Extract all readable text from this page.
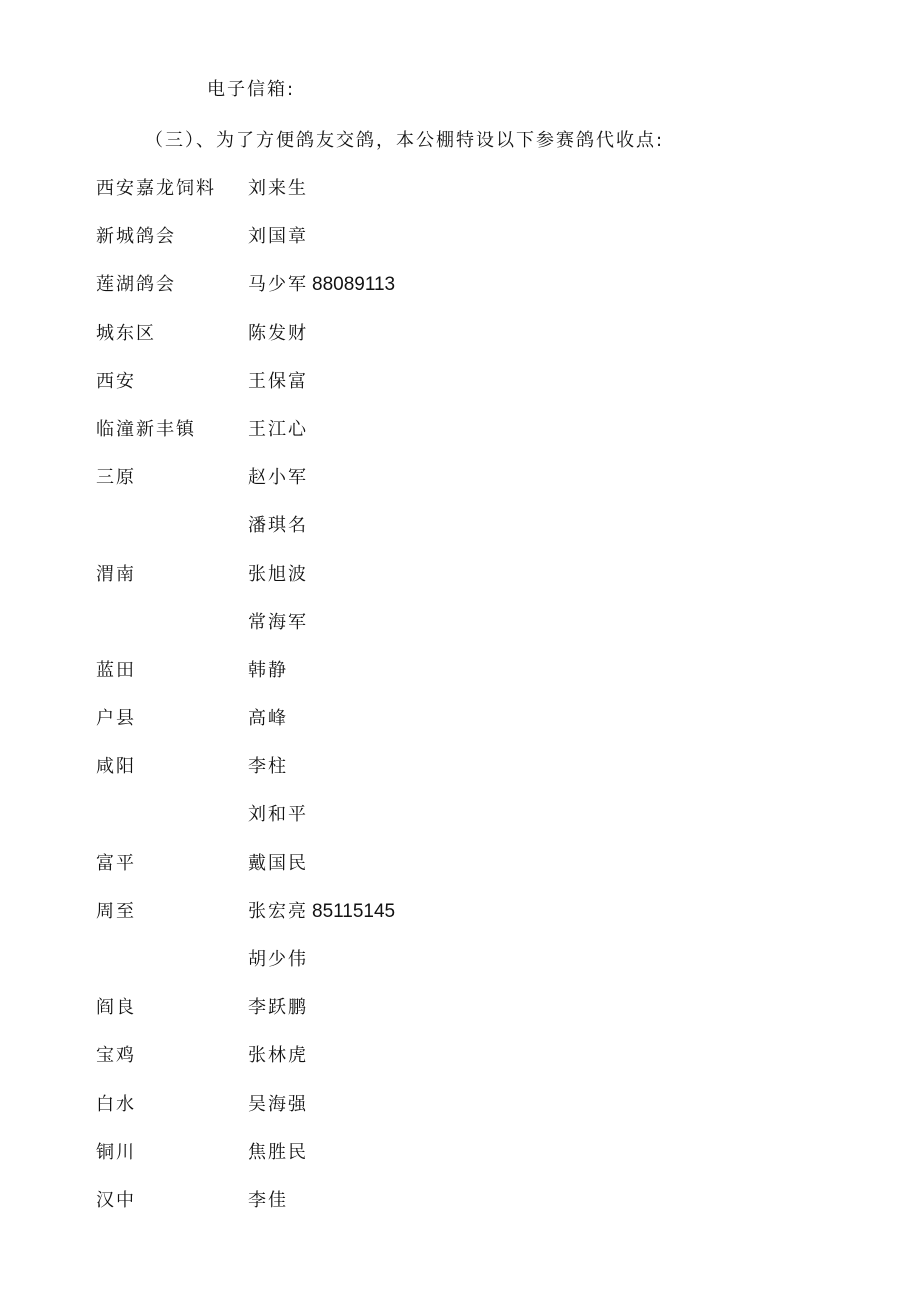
电子信箱:
（三）、为了方便鸽友交鸽，本公棚特设以下参赛鸽代收点:
西安嘉龙饲料 刘来生
新城鸽会	刘国章
莲湖鸽会	马少军 88089113
城东区	陈发财
西安	王保富
临潼新丰镇	王江心
三原	赵小军
潘琪名
渭南	张旭波
常海军
蓝田	韩静
户县	高峰
咸阳	李柱
刘和平
富平	戴国民
周至	张宏亮 85115145
胡少伟
阎良	李跃鹏
宝鸡	张林虎
白水	吴海强
铜川	焦胜民
汉中	李佳
